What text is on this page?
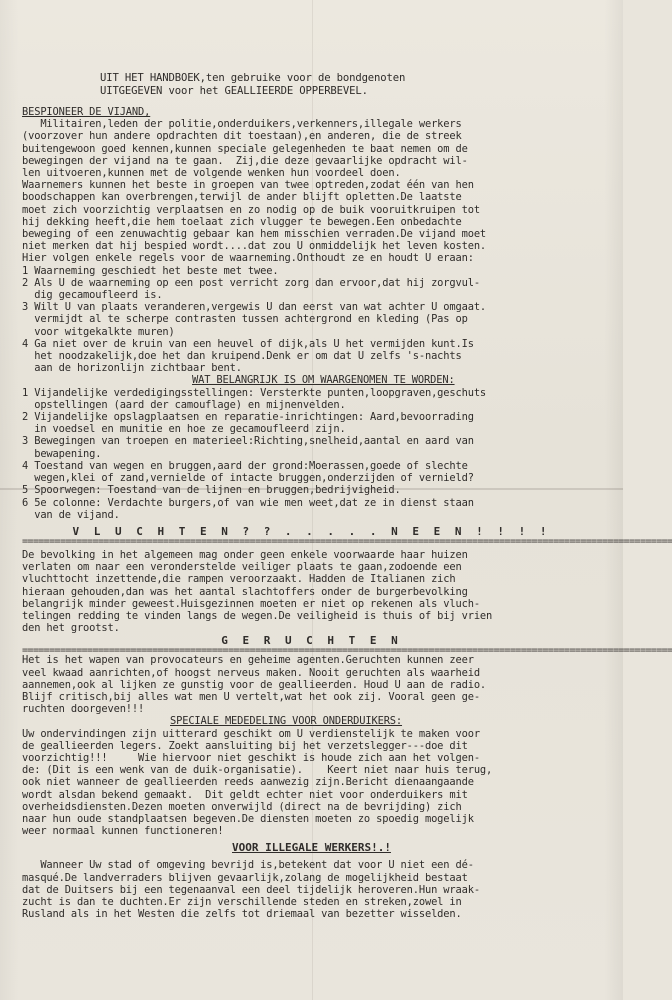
UIT HET HANDBOEK,ten gebruike voor de bondgenoten
UITGEGEVEN voor het GEALLIEERDE OPPERBEVEL.
BESPIONEER DE VIJAND,
Militairen,leden der politie,onderduikers,verkenners,illegale werkers
(voorzover hun andere opdrachten dit toestaan),en anderen, die de streek
buitengewoon goed kennen,kunnen speciale gelegenheden te baat nemen om de
bewegingen der vijand na te gaan.  Zij,die deze gevaarlijke opdracht wil-
len uitvoeren,kunnen met de volgende wenken hun voordeel doen.
Waarnemers kunnen het beste in groepen van twee optreden,zodat één van hen
boodschappen kan overbrengen,terwijl de ander blijft opletten.De laatste
moet zich voorzichtig verplaatsen en zo nodig op de buik vooruitkruipen tot
hij dekking heeft,die hem toelaat zich vlugger te bewegen.Een onbedachte
beweging of een zenuwachtig gebaar kan hem misschien verraden.De vijand moet
niet merken dat hij bespied wordt....dat zou U onmiddelijk het leven kosten.
Hier volgen enkele regels voor de waarneming.Onthoudt ze en houdt U eraan:
1 Waarneming geschiedt het beste met twee.
2 Als U de waarneming op een post verricht zorg dan ervoor,dat hij zorgvul-
dig gecamoufleerd is.
3 Wilt U van plaats veranderen,vergewis U dan eerst van wat achter U omgaat.
vermijdt al te scherpe contrasten tussen achtergrond en kleding (Pas op
voor witgekalkte muren)
4 Ga niet over de kruin van een heuvel of dijk,als U het vermijden kunt.Is
het noodzakelijk,doe het dan kruipend.Denk er om dat U zelfs 's-nachts
aan de horizonlijn zichtbaar bent.
WAT BELANGRIJK IS OM WAARGENOMEN TE WORDEN:
1 Vijandelijke verdedigingsstellingen: Versterkte punten,loopgraven,geschuts
opstellingen (aard der camouflage) en mijnenvelden.
2 Vijandelijke opslagplaatsen en reparatie-inrichtingen: Aard,bevoorrading
in voedsel en munitie en hoe ze gecamoufleerd zijn.
3 Bewegingen van troepen en materieel:Richting,snelheid,aantal en aard van
bewapening.
4 Toestand van wegen en bruggen,aard der grond:Moerassen,goede of slechte
wegen,klei of zand,vernielde of intacte bruggen,onderzijden of vernield?
5 Spoorwegen: Toestand van de lijnen en bruggen,bedrijvigheid.
6 5e colonne: Verdachte burgers,of van wie men weet,dat ze in dienst staan
van de vijand.
V L U C H T E N ? ? . . . . . N E E N ! ! ! !
========================================================================================================================
De bevolking in het algemeen mag onder geen enkele voorwaarde haar huizen
verlaten om naar een veronderstelde veiliger plaats te gaan,zodoende een
vluchttocht inzettende,die rampen veroorzaakt. Hadden de Italianen zich
hieraan gehouden,dan was het aantal slachtoffers onder de burgerbevolking
belangrijk minder geweest.Huisgezinnen moeten er niet op rekenen als vluch-
telingen redding te vinden langs de wegen.De veiligheid is thuis of bij vrien
den het grootst.
G E R U C H T E N
========================================================================================================================
Het is het wapen van provocateurs en geheime agenten.Geruchten kunnen zeer
veel kwaad aanrichten,of hoogst nerveus maken. Nooit geruchten als waarheid
aannemen,ook al lijken ze gunstig voor de geallieerden. Houd U aan de radio.
Blijf critisch,bij alles wat men U vertelt,wat het ook zij. Vooral geen ge-
ruchten doorgeven!!!
SPECIALE MEDEDELING VOOR ONDERDUIKERS:
Uw ondervindingen zijn uitterard geschikt om U verdienstelijk te maken voor
de geallieerden legers. Zoekt aansluiting bij het verzetslegger---doe dit
voorzichtig!!!     Wie hiervoor niet geschikt is houde zich aan het volgen-
de: (Dit is een wenk van de duik-organisatie).    Keert niet naar huis terug,
ook niet wanneer de geallieerden reeds aanwezig zijn.Bericht dienaangaande
wordt alsdan bekend gemaakt.  Dit geldt echter niet voor onderduikers mit
overheidsdiensten.Dezen moeten onverwijld (direct na de bevrijding) zich
naar hun oude standplaatsen begeven.De diensten moeten zo spoedig mogelijk
weer normaal kunnen functioneren!
VOOR ILLEGALE WERKERS!.!
Wanneer Uw stad of omgeving bevrijd is,betekent dat voor U niet een dé-
masqué.De landverraders blijven gevaarlijk,zolang de mogelijkheid bestaat
dat de Duitsers bij een tegenaanval een deel tijdelijk heroveren.Hun wraak-
zucht is dan te duchten.Er zijn verschillende steden en streken,zowel in
Rusland als in het Westen die zelfs tot driemaal van bezetter wisselden.
